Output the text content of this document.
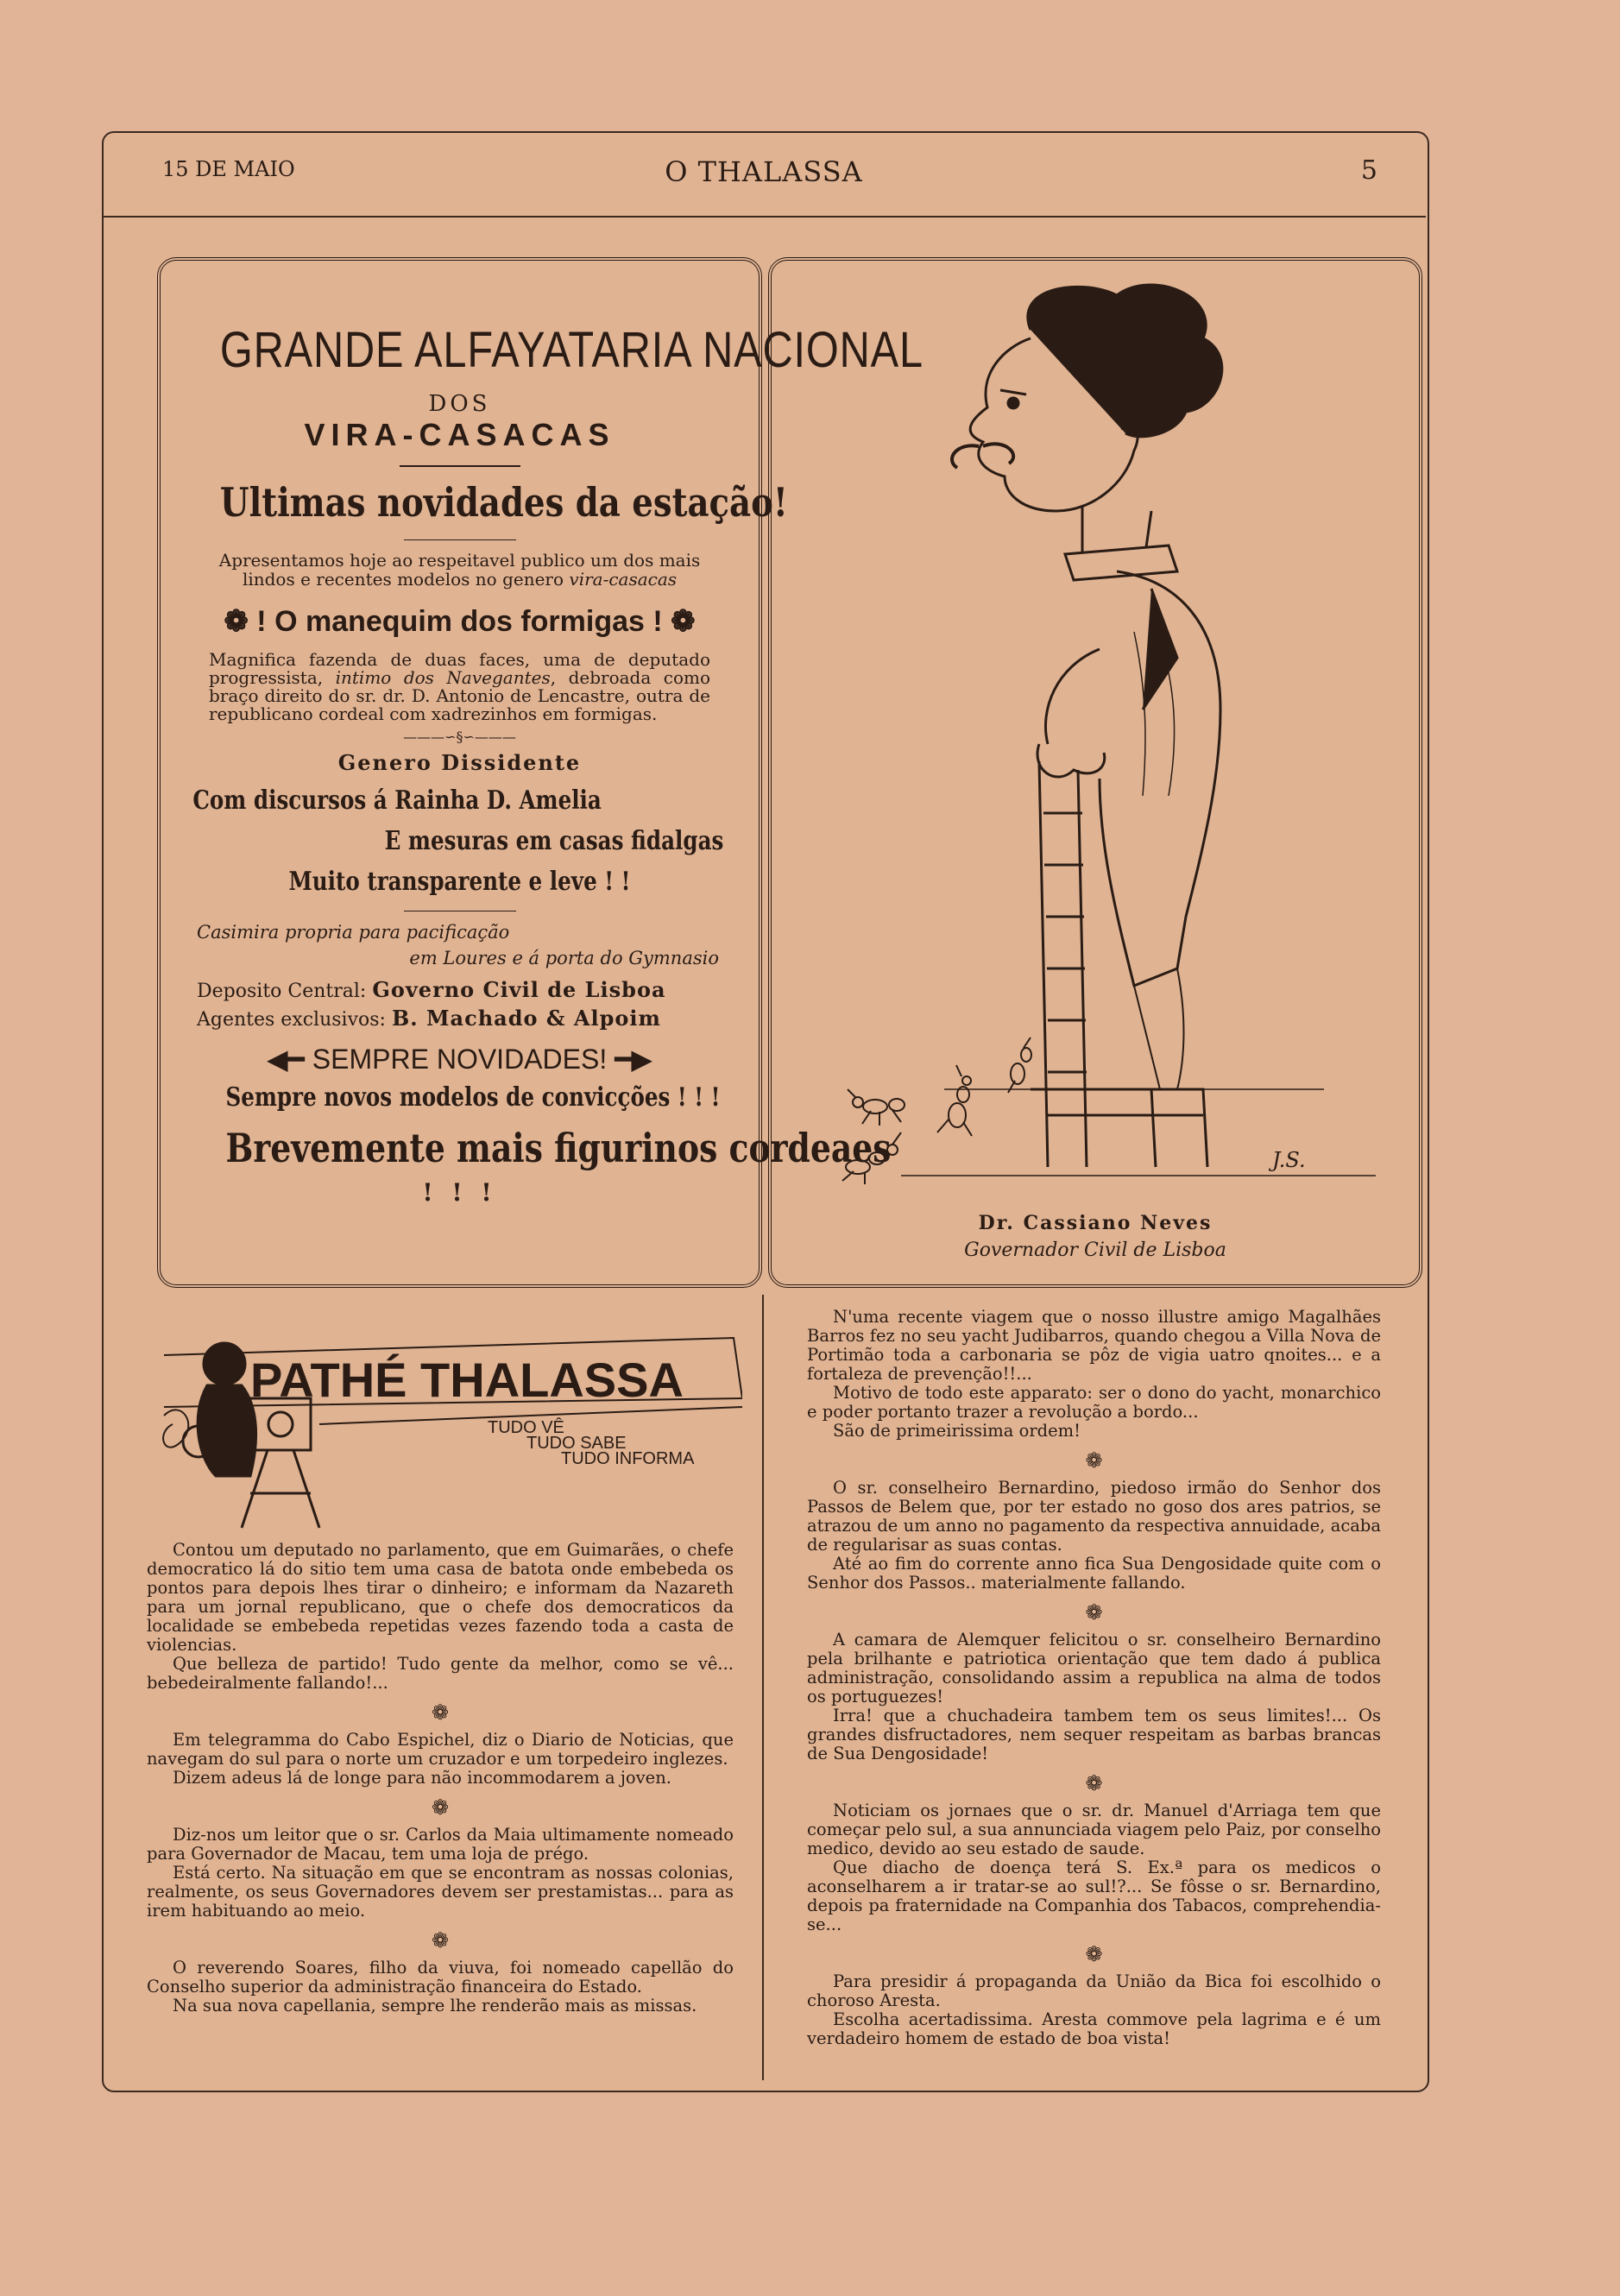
15 DE MAIO	O THALASSA	5
GRANDE ALFAYATARIA NACIONAL
DOS
VIRA-CASACAS
Ultimas novidades da estação!
Apresentamos hoje ao respeitavel publico um dos mais lindos e recentes modelos no genero vira-casacas
❁ ! O manequim dos formigas ! ❁
Magnifica fazenda de duas faces, uma de deputado progressista, intimo dos Navegantes, debroada como braço direito do sr. dr. D. Antonio de Lencastre, outra de republicano cordeal com xadrezinhos em formigas.
———∽§∽———
Genero Dissidente
Com discursos á Rainha D. Amelia
E mesuras em casas fidalgas
Muito transparente e leve ! !
Casimira propria para pacificação
em Loures e á porta do Gymnasio
Deposito Central: Governo Civil de Lisboa
Agentes exclusivos: B. Machado & Alpoim
◀━ SEMPRE NOVIDADES! ━▶
Sempre novos modelos de convicções ! ! !
Brevemente mais figurinos cordeaes
! ! !
J.S.
Dr. Cassiano Neves
Governador Civil de Lisboa
PATHÉ THALASSA
TUDO VÊ
TUDO SABE
TUDO INFORMA

Contou um deputado no parlamento, que em Guimarães, o chefe democratico lá do sitio tem uma casa de batota onde embebeda os pontos para depois lhes tirar o dinheiro; e informam da Nazareth para um jornal republicano, que o chefe dos democraticos da localidade se embebeda repetidas vezes fazendo toda a casta de violencias.

Que belleza de partido! Tudo gente da melhor, como se vê... bebedeiralmente fallando!...

❁

Em telegramma do Cabo Espichel, diz o Diario de Noticias, que navegam do sul para o norte um cruzador e um torpedeiro inglezes.

Dizem adeus lá de longe para não incommodarem a joven.

❁

Diz-nos um leitor que o sr. Carlos da Maia ultimamente nomeado para Governador de Macau, tem uma loja de prégo.

Está certo. Na situação em que se encontram as nossas colonias, realmente, os seus Governadores devem ser prestamistas... para as irem habituando ao meio.

❁

O reverendo Soares, filho da viuva, foi nomeado capellão do Conselho superior da administração financeira do Estado.

Na sua nova capellania, sempre lhe renderão mais as missas.

N'uma recente viagem que o nosso illustre amigo Magalhães Barros fez no seu yacht Judibarros, quando chegou a Villa Nova de Portimão toda a carbonaria se pôz de vigia uatro qnoites... e a fortaleza de prevenção!!...

Motivo de todo este apparato: ser o dono do yacht, monarchico e poder portanto trazer a revolução a bordo...

São de primeirissima ordem!

❁

O sr. conselheiro Bernardino, piedoso irmão do Senhor dos Passos de Belem que, por ter estado no goso dos ares patrios, se atrazou de um anno no pagamento da respectiva annuidade, acaba de regularisar as suas contas.

Até ao fim do corrente anno fica Sua Dengosidade quite com o Senhor dos Passos.. materialmente fallando.

❁

A camara de Alemquer felicitou o sr. conselheiro Bernardino pela brilhante e patriotica orientação que tem dado á publica administração, consolidando assim a republica na alma de todos os portuguezes!

Irra! que a chuchadeira tambem tem os seus limites!... Os grandes disfructadores, nem sequer respeitam as barbas brancas de Sua Dengosidade!

❁

Noticiam os jornaes que o sr. dr. Manuel d'Arriaga tem que começar pelo sul, a sua annunciada viagem pelo Paiz, por conselho medico, devido ao seu estado de saude.

Que diacho de doença terá S. Ex.ª para os medicos o aconselharem a ir tratar-se ao sul!?... Se fôsse o sr. Bernardino, depois pa fraternidade na Companhia dos Tabacos, comprehendia-se...

❁

Para presidir á propaganda da União da Bica foi escolhido o choroso Aresta.

Escolha acertadissima. Aresta commove pela lagrima e é um verdadeiro homem de estado de boa vista!
